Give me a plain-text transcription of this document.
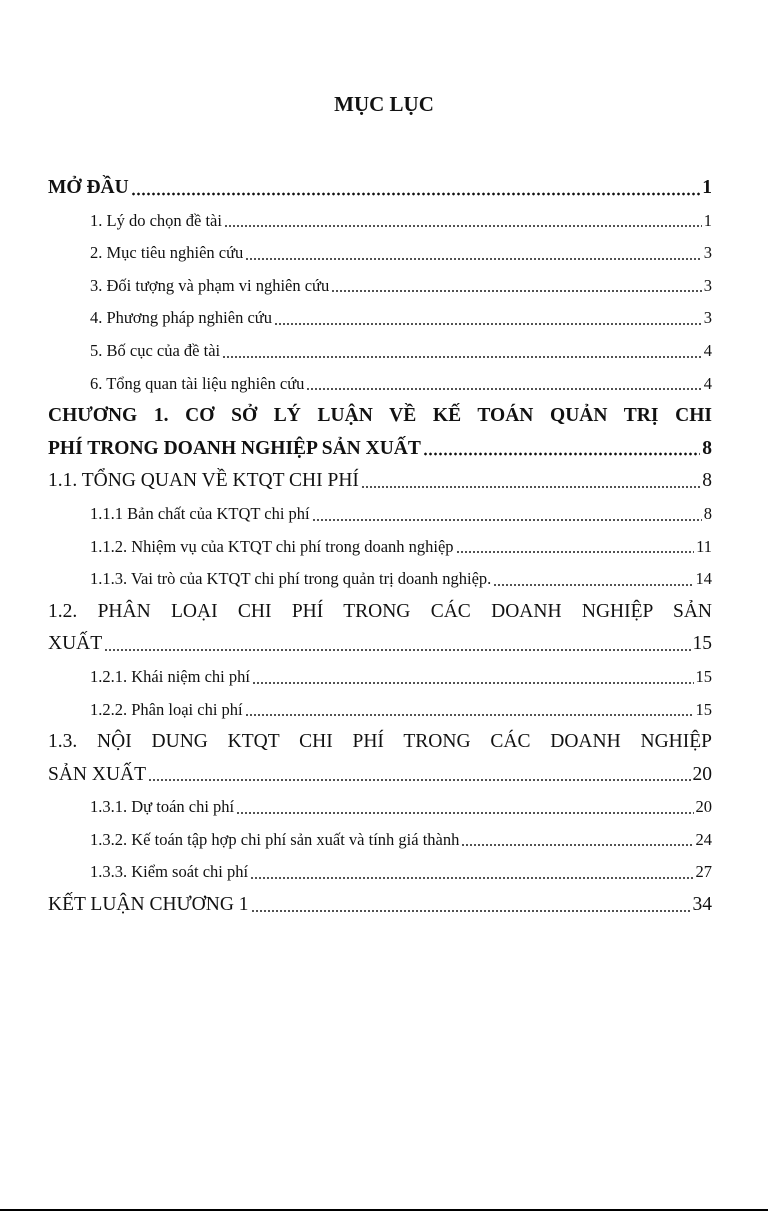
MỤC LỤC
MỞ ĐẦU	1
1. Lý do chọn đề tài	1
2. Mục tiêu nghiên cứu	3
3. Đối tượng và phạm vi nghiên cứu	3
4. Phương pháp nghiên cứu	3
5. Bố cục của đề tài	4
6. Tổng quan tài liệu nghiên cứu	4
CHƯƠNG 1. CƠ SỞ LÝ LUẬN VỀ KẾ TOÁN QUẢN TRỊ CHI
PHÍ TRONG DOANH NGHIỆP SẢN XUẤT	8
1.1. TỔNG QUAN VỀ KTQT CHI PHÍ	8
1.1.1 Bản chất của KTQT chi phí	8
1.1.2. Nhiệm vụ của KTQT chi phí trong doanh nghiệp	11
1.1.3. Vai trò của KTQT chi phí trong quản trị doanh nghiệp.	14
1.2. PHÂN LOẠI CHI PHÍ TRONG CÁC DOANH NGHIỆP SẢN
XUẤT	15
1.2.1. Khái niệm chi phí	15
1.2.2. Phân loại chi phí	15
1.3. NỘI DUNG KTQT CHI PHÍ TRONG CÁC DOANH NGHIỆP
SẢN XUẤT	20
1.3.1. Dự toán chi phí	20
1.3.2. Kế toán tập hợp chi phí sản xuất và tính giá thành	24
1.3.3. Kiểm soát chi phí	27
KẾT LUẬN CHƯƠNG 1	34
